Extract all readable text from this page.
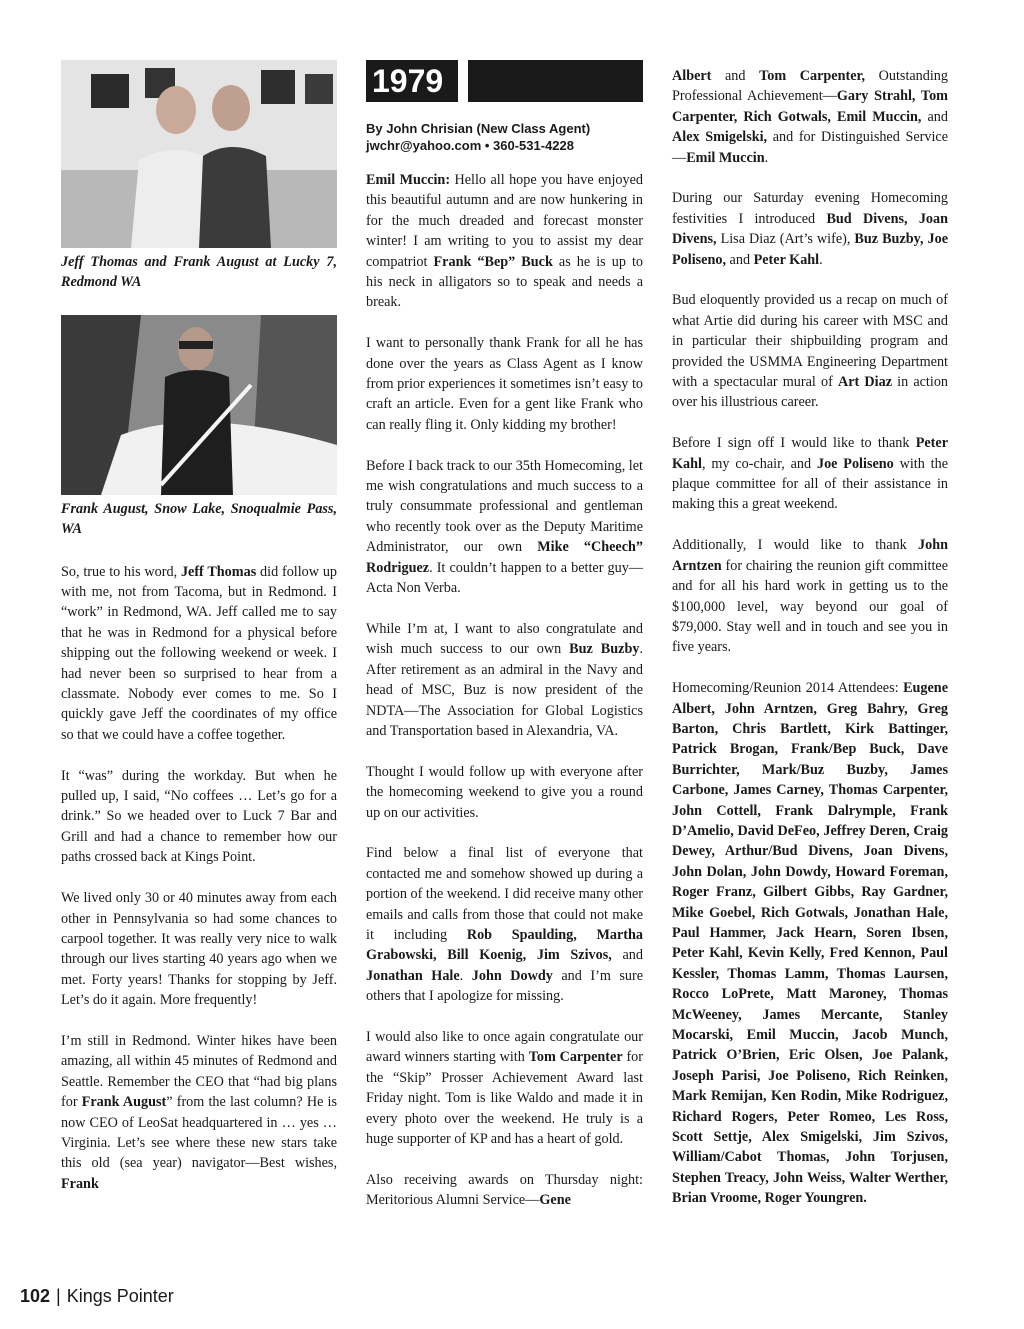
Jeff Thomas and Frank August at Lucky 7, Redmond WA
Frank August, Snow Lake, Snoqualmie Pass, WA

So, true to his word, Jeff Thomas did follow up with me, not from Tacoma, but in Redmond. I “work” in Redmond, WA. Jeff called me to say that he was in Redmond for a physical before shipping out the following weekend or week. I had never been so surprised to hear from a classmate. Nobody ever comes to me. So I quickly gave Jeff the coordinates of my office so that we could have a coffee together.

It “was” during the workday. But when he pulled up, I said, “No coffees … Let’s go for a drink.” So we headed over to Luck 7 Bar and Grill and had a chance to remember how our paths crossed back at Kings Point.

We lived only 30 or 40 minutes away from each other in Pennsylvania so had some chances to carpool together. It was really very nice to walk through our lives starting 40 years ago when we met. Forty years! Thanks for stopping by Jeff. Let’s do it again. More frequently!

I’m still in Redmond. Winter hikes have been amazing, all within 45 minutes of Redmond and Seattle. Remember the CEO that “had big plans for Frank August” from the last column? He is now CEO of LeoSat headquartered in … yes … Virginia. Let’s see where these new stars take this old (sea year) navigator—Best wishes, Frank

1979
By John Chrisian (New Class Agent)
jwchr@yahoo.com • 360-531-4228

Emil Muccin: Hello all hope you have enjoyed this beautiful autumn and are now hunkering in for the much dreaded and forecast monster winter! I am writing to you to assist my dear compatriot Frank “Bep” Buck as he is up to his neck in alligators so to speak and needs a break.

I want to personally thank Frank for all he has done over the years as Class Agent as I know from prior experiences it sometimes isn’t easy to craft an article. Even for a gent like Frank who can really fling it. Only kidding my brother!

Before I back track to our 35th Homecoming, let me wish congratulations and much success to a truly consummate professional and gentleman who recently took over as the Deputy Maritime Administrator, our own Mike “Cheech” Rodriguez. It couldn’t happen to a better guy—Acta Non Verba.

While I’m at, I want to also congratulate and wish much success to our own Buz Buzby. After retirement as an admiral in the Navy and head of MSC, Buz is now president of the NDTA—The Association for Global Logistics and Transportation based in Alexandria, VA.

Thought I would follow up with everyone after the homecoming weekend to give you a round up on our activities.

Find below a final list of everyone that contacted me and somehow showed up during a portion of the weekend. I did receive many other emails and calls from those that could not make it including Rob Spaulding, Martha Grabowski, Bill Koenig, Jim Szivos, and Jonathan Hale. John Dowdy and I’m sure others that I apologize for missing.

I would also like to once again congratulate our award winners starting with Tom Carpenter for the “Skip” Prosser Achievement Award last Friday night. Tom is like Waldo and made it in every photo over the weekend. He truly is a huge supporter of KP and has a heart of gold.

Also receiving awards on Thursday night: Meritorious Alumni Service—Gene

Albert and Tom Carpenter, Outstanding Professional Achievement—Gary Strahl, Tom Carpenter, Rich Gotwals, Emil Muccin, and Alex Smigelski, and for Distinguished Service—Emil Muccin.

During our Saturday evening Homecoming festivities I introduced Bud Divens, Joan Divens, Lisa Diaz (Art’s wife), Buz Buzby, Joe Poliseno, and Peter Kahl.

Bud eloquently provided us a recap on much of what Artie did during his career with MSC and in particular their shipbuilding program and provided the USMMA Engineering Department with a spectacular mural of Art Diaz in action over his illustrious career.

Before I sign off I would like to thank Peter Kahl, my co-chair, and Joe Poliseno with the plaque committee for all of their assistance in making this a great weekend.

Additionally, I would like to thank John Arntzen for chairing the reunion gift committee and for all his hard work in getting us to the $100,000 level, way beyond our goal of $79,000. Stay well and in touch and see you in five years.

Homecoming/Reunion 2014 Attendees: Eugene Albert, John Arntzen, Greg Bahry, Greg Barton, Chris Bartlett, Kirk Battinger, Patrick Brogan, Frank/Bep Buck, Dave Burrichter, Mark/Buz Buzby, James Carbone, James Carney, Thomas Carpenter, John Cottell, Frank Dalrymple, Frank D’Amelio, David DeFeo, Jeffrey Deren, Craig Dewey, Arthur/Bud Divens, Joan Divens, John Dolan, John Dowdy, Howard Foreman, Roger Franz, Gilbert Gibbs, Ray Gardner, Mike Goebel, Rich Gotwals, Jonathan Hale, Paul Hammer, Jack Hearn, Soren Ibsen, Peter Kahl, Kevin Kelly, Fred Kennon, Paul Kessler, Thomas Lamm, Thomas Laursen, Rocco LoPrete, Matt Maroney, Thomas McWeeney, James Mercante, Stanley Mocarski, Emil Muccin, Jacob Munch, Patrick O’Brien, Eric Olsen, Joe Palank, Joseph Parisi, Joe Poliseno, Rich Reinken, Mark Remijan, Ken Rodin, Mike Rodriguez, Richard Rogers, Peter Romeo, Les Ross, Scott Settje, Alex Smigelski, Jim Szivos, William/Cabot Thomas, John Torjusen, Stephen Treacy, John Weiss, Walter Werther, Brian Vroome, Roger Youngren.

102 | Kings Pointer
